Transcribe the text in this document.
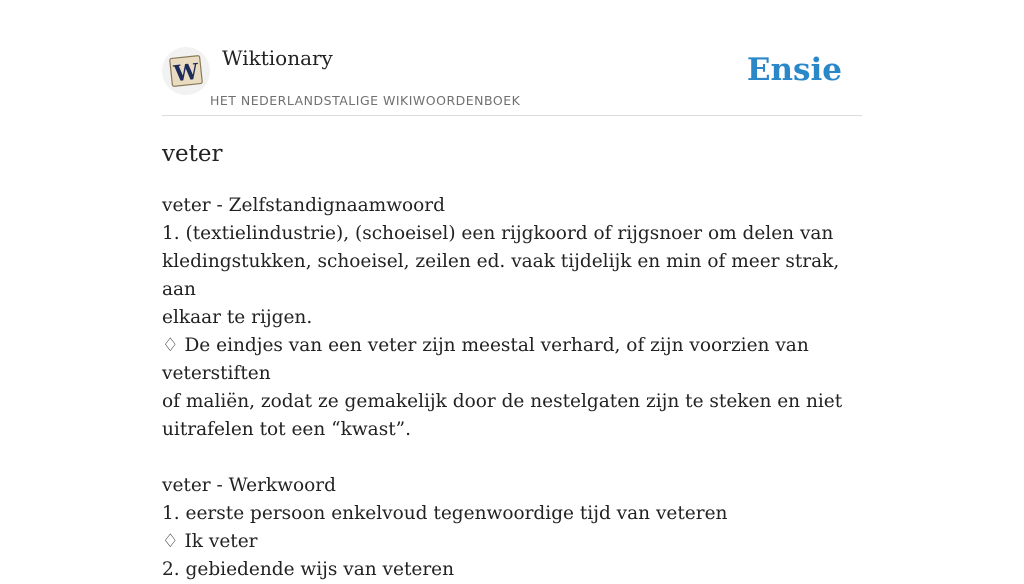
W
Wiktionary	Ensie
HET NEDERLANDSTALIGE WIKIWOORDENBOEK
veter
veter - Zelfstandignaamwoord
1. (textielindustrie), (schoeisel) een rijgkoord of rijgsnoer om delen van
kledingstukken, schoeisel, zeilen ed. vaak tijdelijk en min of meer strak, aan
elkaar te rijgen.
♢ De eindjes van een veter zijn meestal verhard, of zijn voorzien van veterstiften
of maliën, zodat ze gemakelijk door de nestelgaten zijn te steken en niet
uitrafelen tot een “kwast”.
veter - Werkwoord
1. eerste persoon enkelvoud tegenwoordige tijd van veteren
♢ Ik veter
2. gebiedende wijs van veteren
